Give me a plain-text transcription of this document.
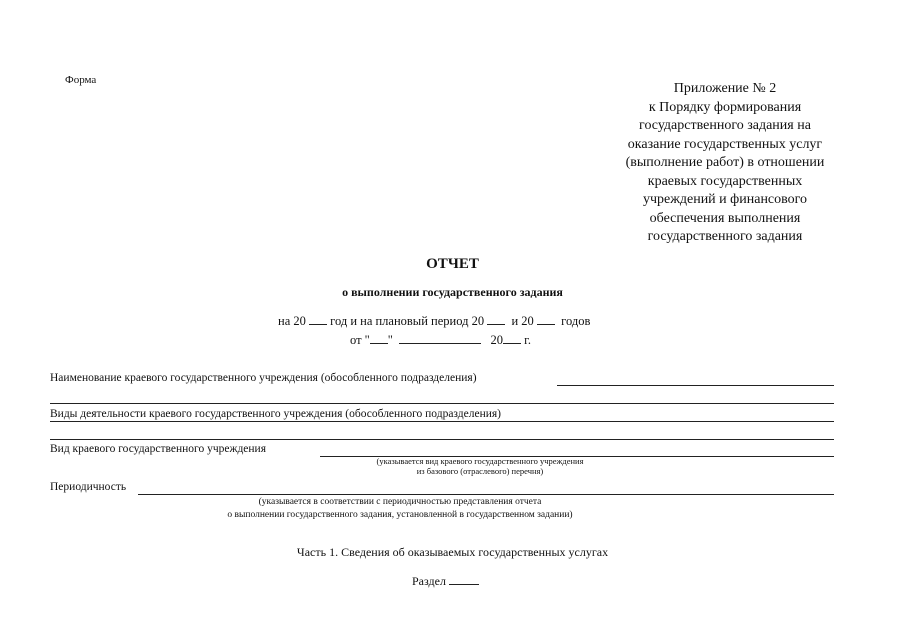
Форма
Приложение № 2
к Порядку формирования
государственного задания на
оказание государственных услуг
(выполнение работ) в отношении
краевых государственных
учреждений и финансового
обеспечения выполнения
государственного задания
ОТЧЕТ
о выполнении государственного задания
на 20 год и на плановый период 20 и 20 годов
от " "	20 г.
Наименование краевого государственного учреждения (обособленного подразделения)
Виды деятельности краевого государственного учреждения (обособленного подразделения)
Вид краевого государственного учреждения
(указывается вид краевого государственного учреждения
из базового (отраслевого) перечня)
Периодичность
(указывается в соответствии с периодичностью представления отчета
о выполнении государственного задания, установленной в государственном задании)
Часть 1. Сведения об оказываемых государственных услугах
Раздел
